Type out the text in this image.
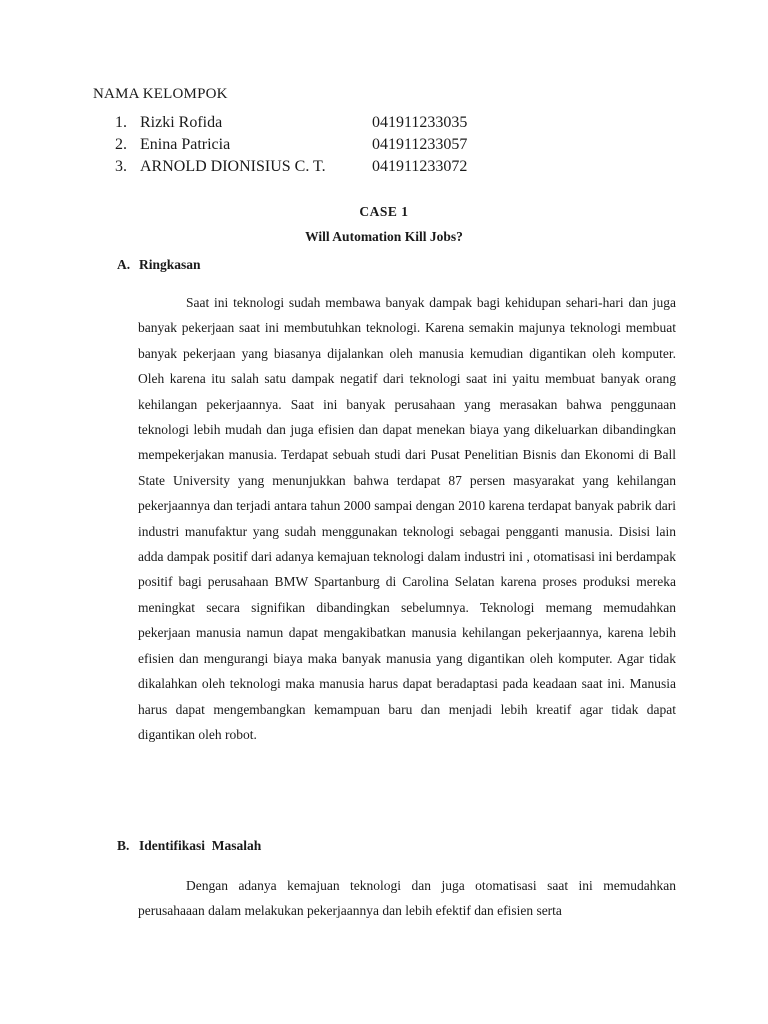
NAMA KELOMPOK
1. Rizki Rofida	041911233035
2. Enina Patricia	041911233057
3. ARNOLD DIONISIUS C. T.	041911233072
CASE 1
Will Automation Kill Jobs?
A. Ringkasan

Saat ini teknologi sudah membawa banyak dampak bagi kehidupan sehari-hari dan juga banyak pekerjaan saat ini membutuhkan teknologi. Karena semakin majunya teknologi membuat banyak pekerjaan yang biasanya dijalankan oleh manusia kemudian digantikan oleh komputer. Oleh karena itu salah satu dampak negatif dari teknologi saat ini yaitu membuat banyak orang kehilangan pekerjaannya. Saat ini banyak perusahaan yang merasakan bahwa penggunaan teknologi lebih mudah dan juga efisien dan dapat menekan biaya yang dikeluarkan dibandingkan mempekerjakan manusia. Terdapat sebuah studi dari Pusat Penelitian Bisnis dan Ekonomi di Ball State University yang menunjukkan bahwa terdapat 87 persen masyarakat yang kehilangan pekerjaannya dan terjadi antara tahun 2000 sampai dengan 2010 karena terdapat banyak pabrik dari industri manufaktur yang sudah menggunakan teknologi sebagai pengganti manusia. Disisi lain adda dampak positif dari adanya kemajuan teknologi dalam industri ini , otomatisasi ini berdampak positif bagi perusahaan BMW Spartanburg di Carolina Selatan karena proses produksi mereka meningkat secara signifikan dibandingkan sebelumnya. Teknologi memang memudahkan pekerjaan manusia namun dapat mengakibatkan manusia kehilangan pekerjaannya, karena lebih efisien dan mengurangi biaya maka banyak manusia yang digantikan oleh komputer. Agar tidak dikalahkan oleh teknologi maka manusia harus dapat beradaptasi pada keadaan saat ini. Manusia harus dapat mengembangkan kemampuan baru dan menjadi lebih kreatif agar tidak dapat digantikan oleh robot.

B. Identifikasi  Masalah

Dengan adanya kemajuan teknologi dan juga otomatisasi saat ini memudahkan perusahaaan dalam melakukan pekerjaannya dan lebih efektif dan efisien serta
